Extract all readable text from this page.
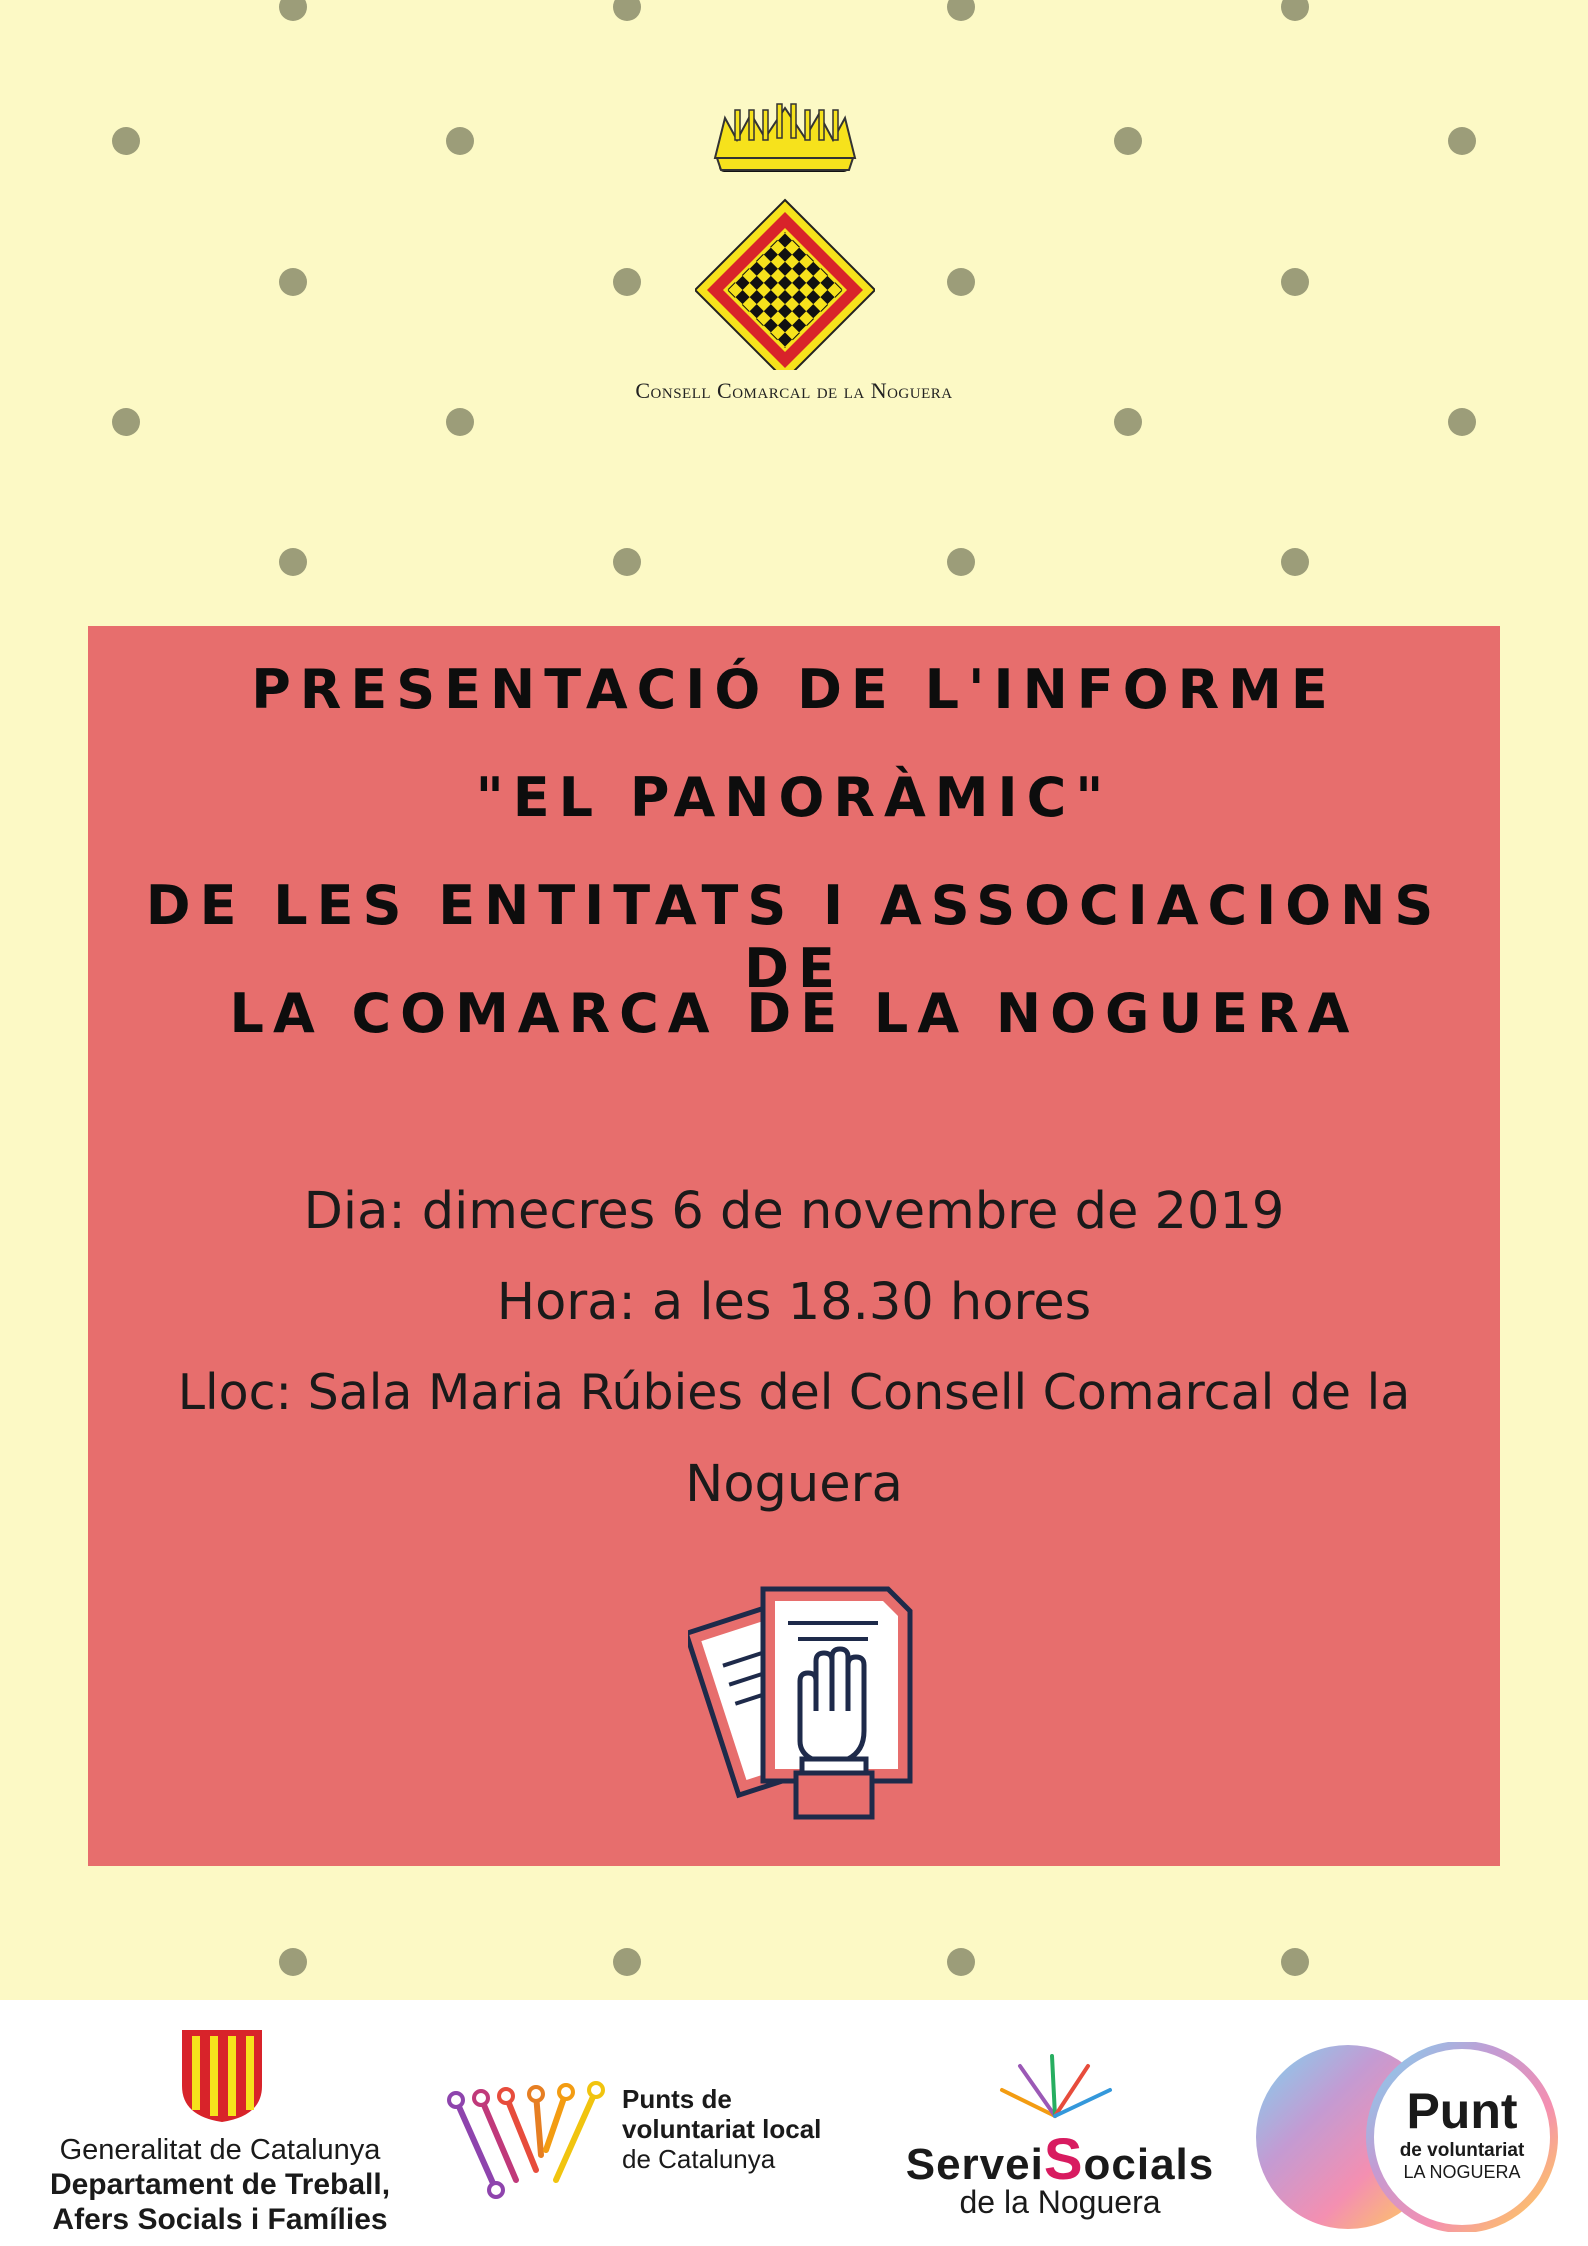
Consell Comarcal de la Noguera
PRESENTACIÓ DE L'INFORME
"EL PANORÀMIC"
DE LES ENTITATS I ASSOCIACIONS DE
LA COMARCA DE LA NOGUERA
Dia: dimecres 6 de novembre de 2019
Hora: a les 18.30 hores
Lloc: Sala Maria Rúbies del Consell Comarcal de la
Noguera
Generalitat de Catalunya
Departament de Treball,
Afers Socials i Famílies
Punts de
voluntariat local
de Catalunya	ServeiSocials
de la Noguera
Punt
de voluntariat
LA NOGUERA
